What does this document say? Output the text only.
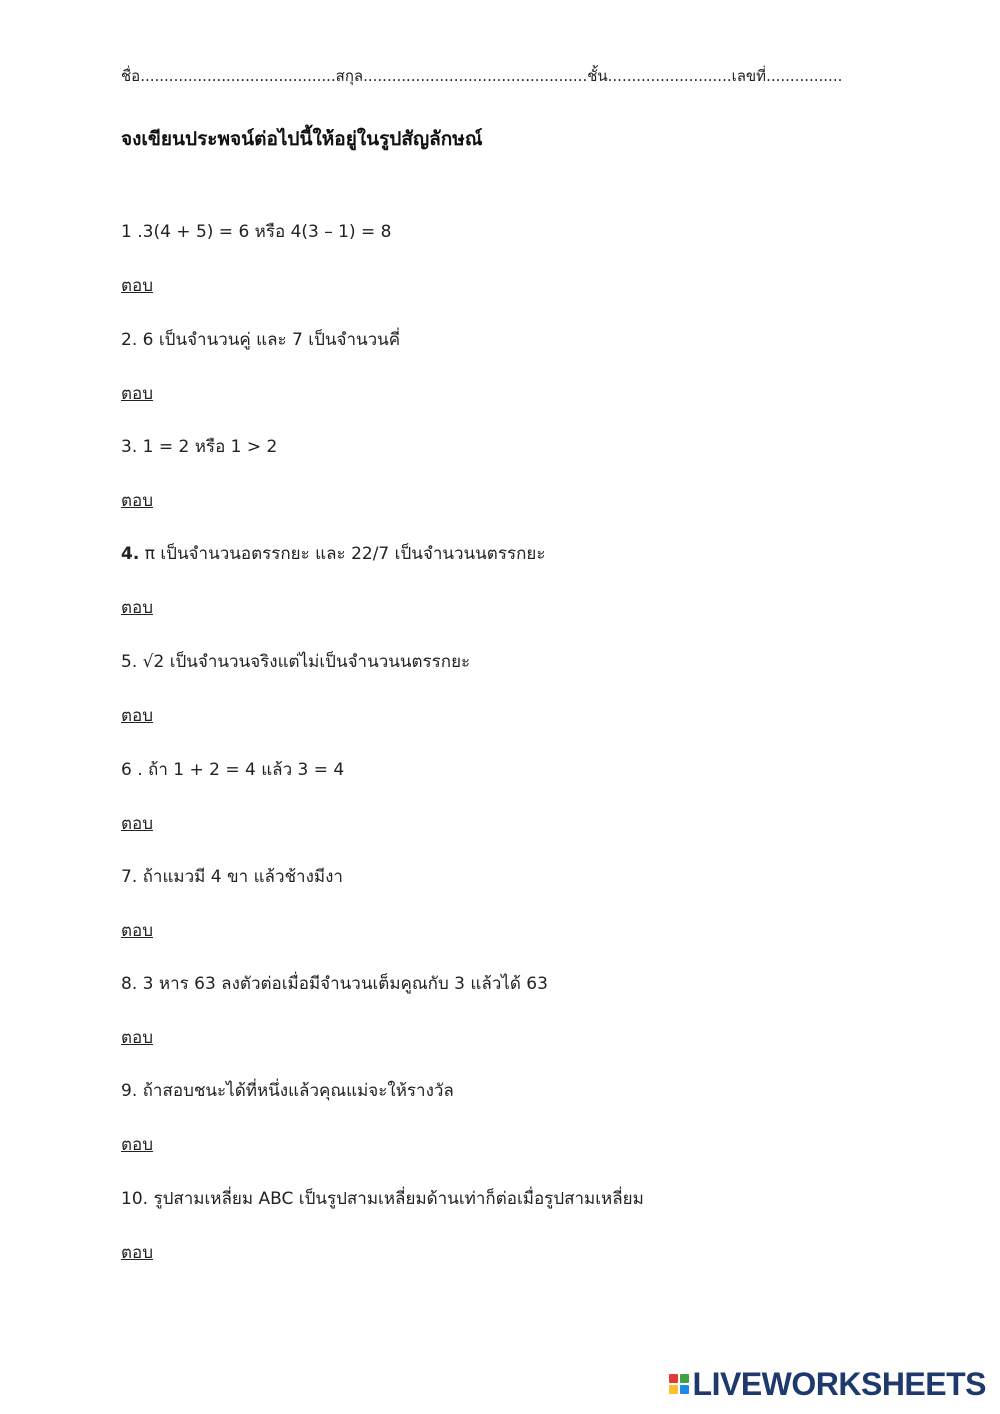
ชื่อ.........................................สกุล...............................................ชั้น..........................เลขที่................
จงเขียนประพจน์ต่อไปนี้ให้อยู่ในรูปสัญลักษณ์
1 .3(4 + 5) = 6 หรือ 4(3 – 1) = 8
ตอบ
2. 6 เป็นจำนวนคู่ และ 7 เป็นจำนวนคี่
ตอบ
3. 1 = 2 หรือ 1 > 2
ตอบ
4. π เป็นจำนวนอตรรกยะ และ 22/7 เป็นจำนวนนตรรกยะ
ตอบ
5. √2 เป็นจำนวนจริงแต่ไม่เป็นจำนวนนตรรกยะ
ตอบ
6 . ถ้า 1 + 2 = 4 แล้ว 3 = 4
ตอบ
7. ถ้าแมวมี 4 ขา แล้วช้างมีงา
ตอบ
8. 3 หาร 63 ลงตัวต่อเมื่อมีจำนวนเต็มคูณกับ 3 แล้วได้ 63
ตอบ
9. ถ้าสอบชนะได้ที่หนึ่งแล้วคุณแม่จะให้รางวัล
ตอบ
10. รูปสามเหลี่ยม ABC เป็นรูปสามเหลี่ยมด้านเท่าก็ต่อเมื่อรูปสามเหลี่ยม
ตอบ
LIVEWORKSHEETS
